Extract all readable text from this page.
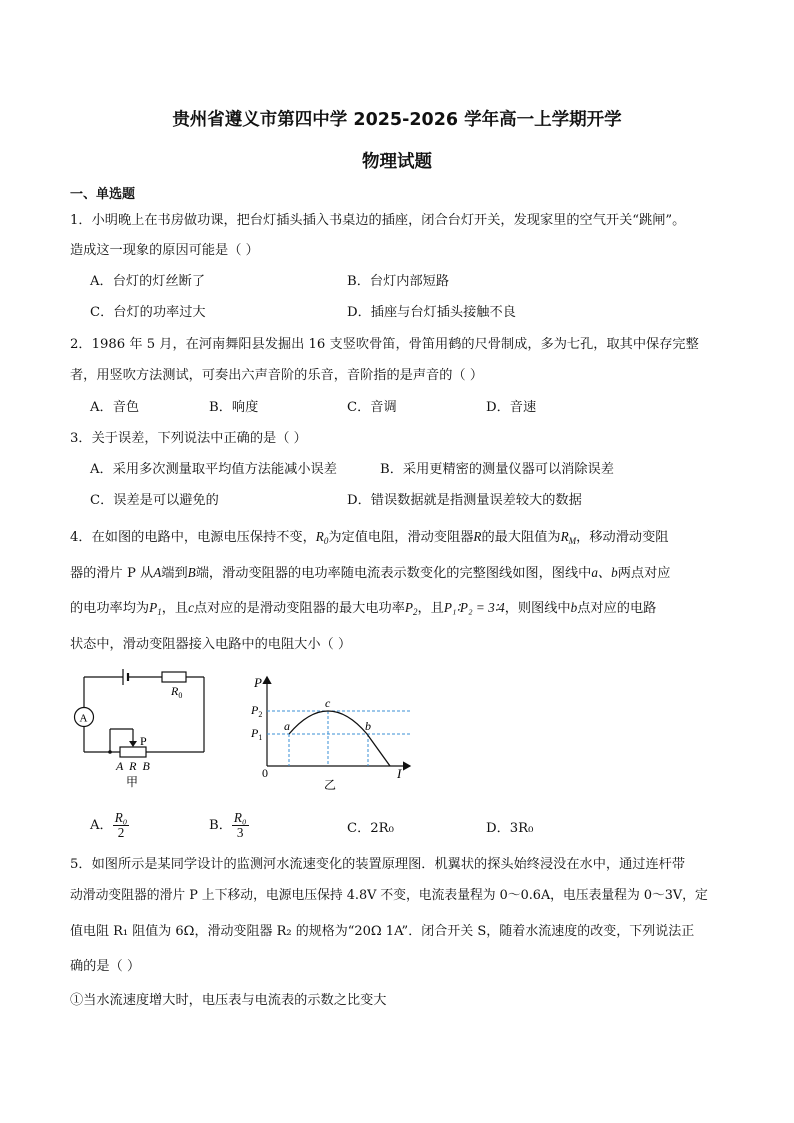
贵州省遵义市第四中学 2025-2026 学年高一上学期开学
物理试题
一、单选题
1．小明晚上在书房做功课，把台灯插头插入书桌边的插座，闭合台灯开关，发现家里的空气开关“跳闸”。
造成这一现象的原因可能是（ ）
A．台灯的灯丝断了	B．台灯内部短路
C．台灯的功率过大	D．插座与台灯插头接触不良
2．1986 年 5 月，在河南舞阳县发掘出 16 支竖吹骨笛，骨笛用鹤的尺骨制成，多为七孔，取其中保存完整
者，用竖吹方法测试，可奏出六声音阶的乐音，音阶指的是声音的（ ）
A．音色	B．响度	C．音调	D．音速
3．关于误差，下列说法中正确的是（ ）
A．采用多次测量取平均值方法能减小误差	B．采用更精密的测量仪器可以消除误差
C．误差是可以避免的	D．错误数据就是指测量误差较大的数据
4．在如图的电路中，电源电压保持不变，$R_0$为定值电阻，滑动变阻器R的最大阻值为$R_M$，移动滑动变阻
器的滑片 P 从A端到B端，滑动变阻器的电功率随电流表示数变化的完整图线如图，图线中a、b两点对应
的电功率均为$P_1$，且c点对应的是滑动变阻器的最大电功率$P_2$，且P₁∶P₂ = 3∶4，则图线中b点对应的电路
状态中，滑动变阻器接入电路中的电阻大小（ ）
$R_0$
A
P
A  R  B
甲
P
I
0
$P_2$
$P_1$
a	b
c
乙
A． $\frac{\text{R₀}}{2}$	B． $\frac{\text{R₀}}{3}$	C．2R₀	D．3R₀
5．如图所示是某同学设计的监测河水流速变化的装置原理图．机翼状的探头始终浸没在水中，通过连杆带
动滑动变阻器的滑片 P 上下移动，电源电压保持 4.8V 不变，电流表量程为 0～0.6A，电压表量程为 0～3V，定
值电阻 R₁ 阻值为 6Ω，滑动变阻器 R₂ 的规格为“20Ω 1A”．闭合开关 S，随着水流速度的改变，下列说法正
确的是（ ）
①当水流速度增大时，电压表与电流表的示数之比变大
